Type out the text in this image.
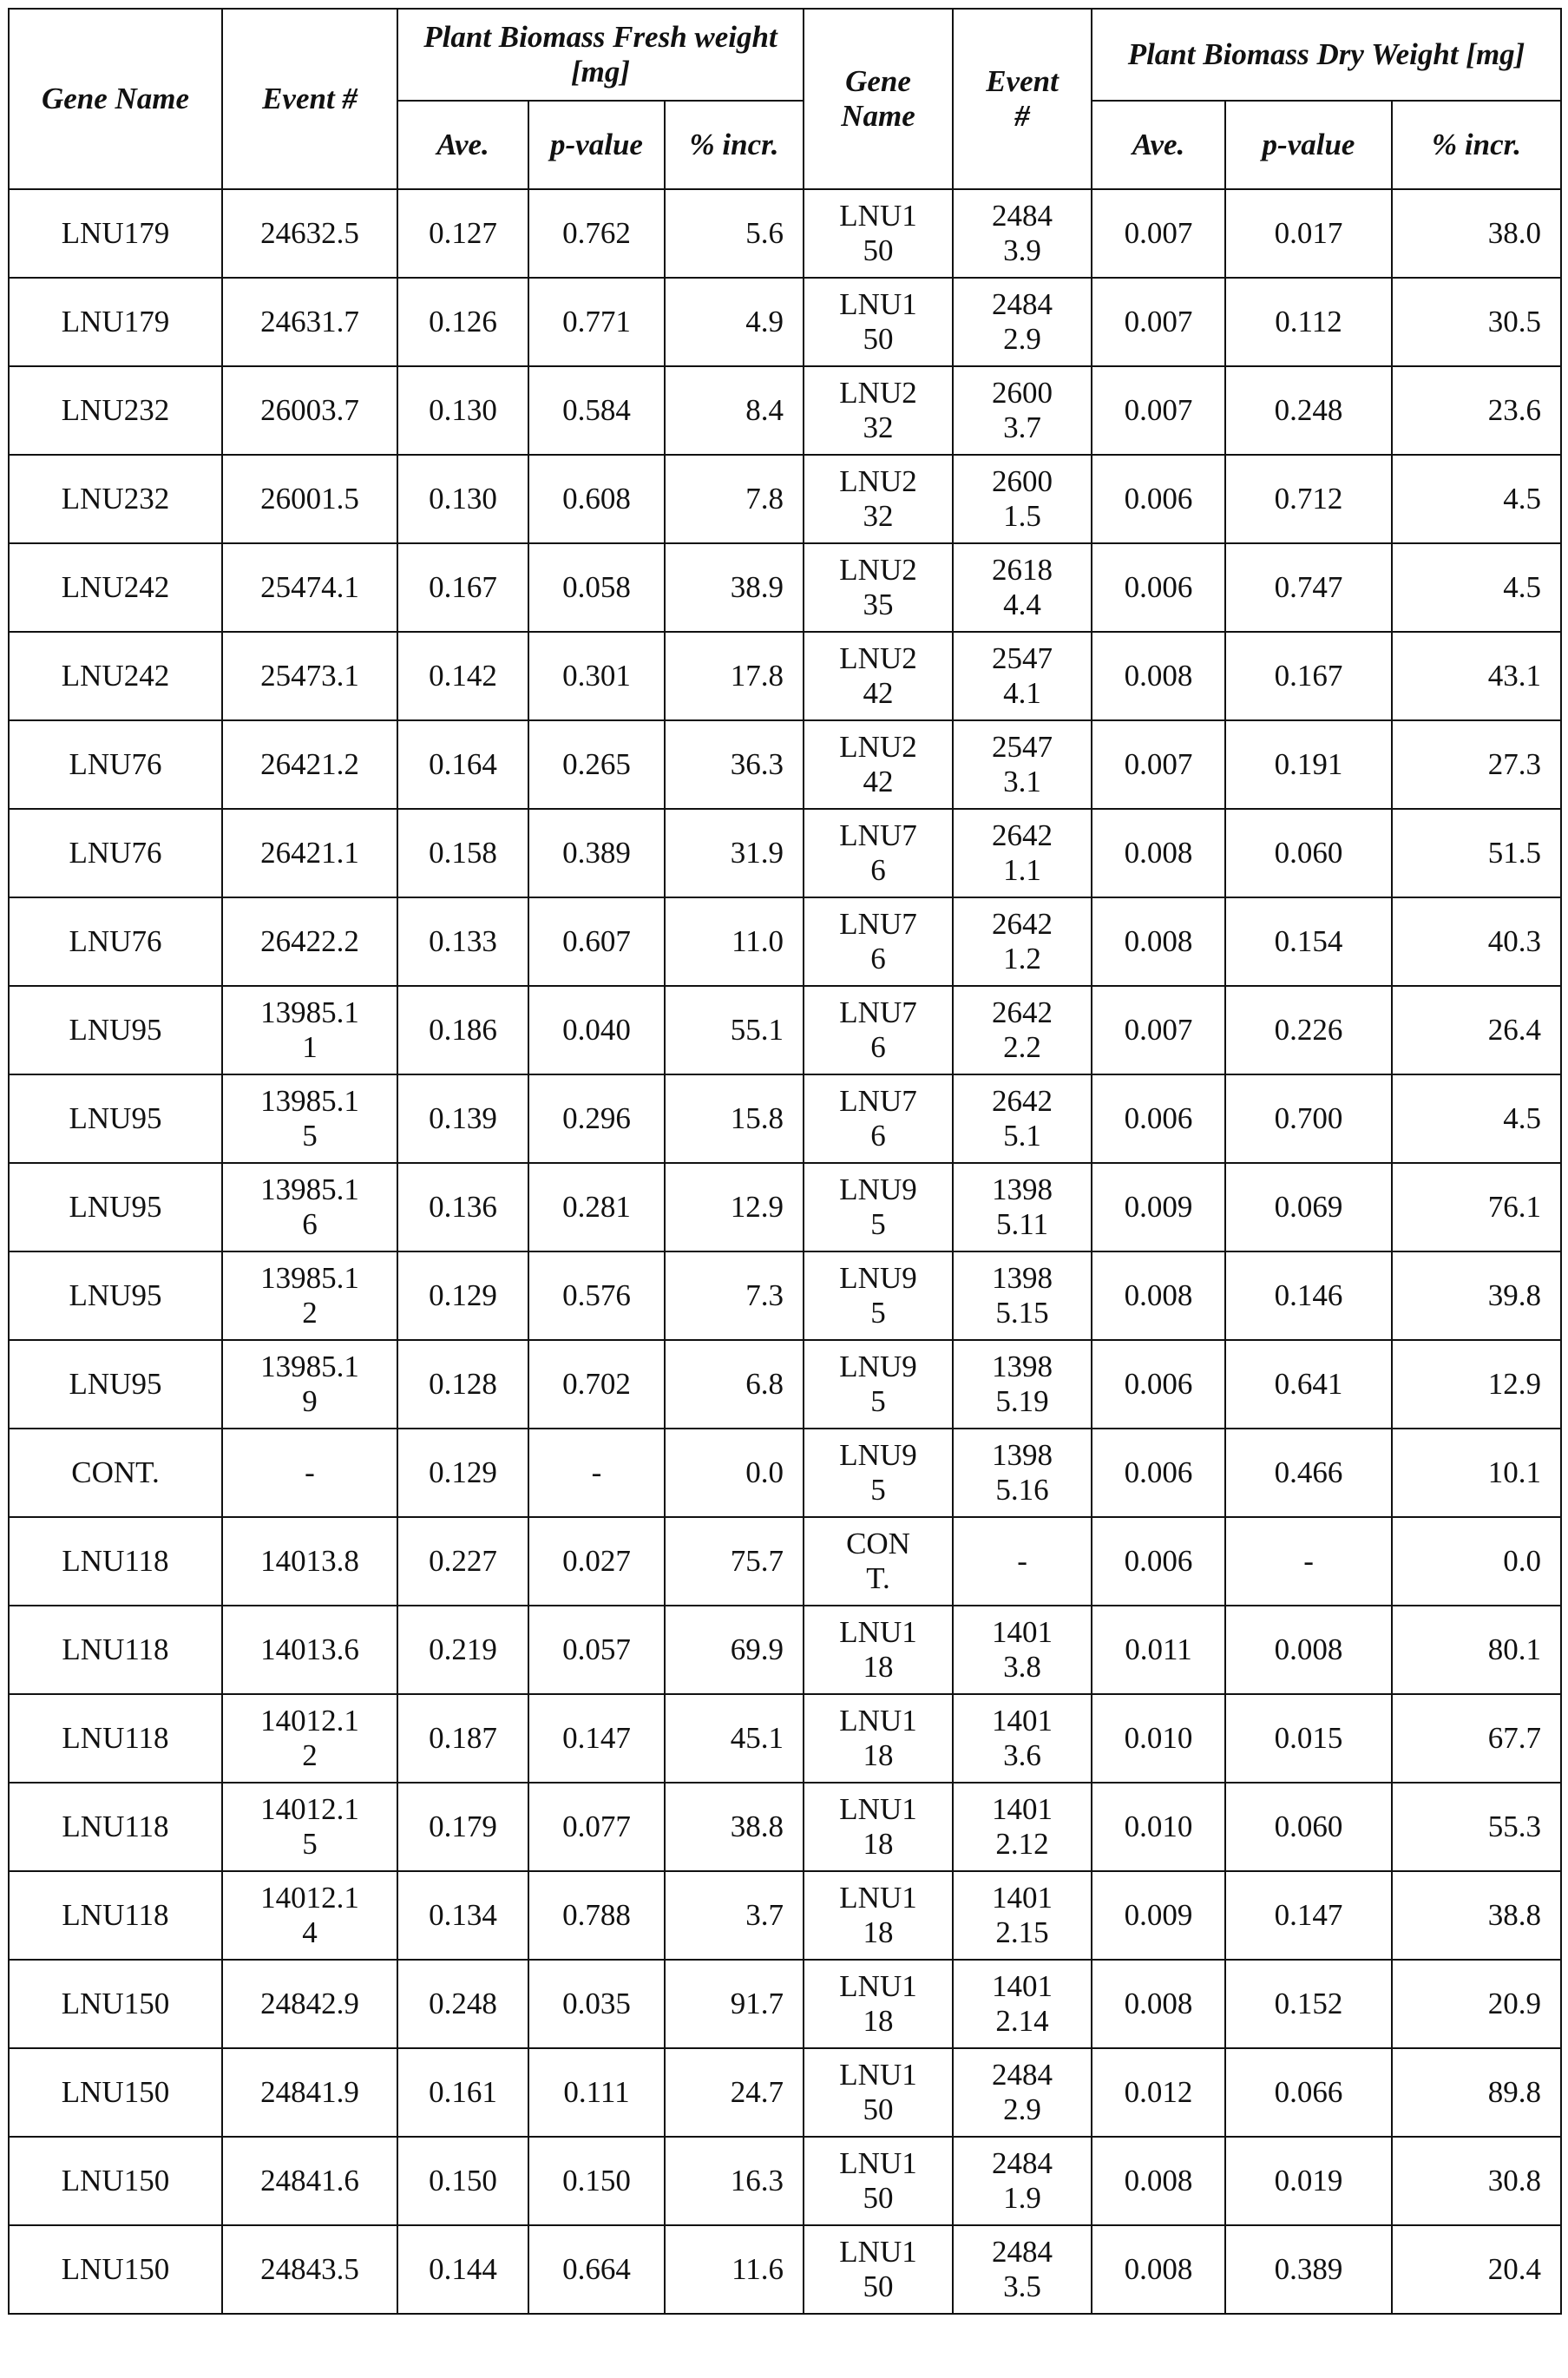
Gene Name	Event #	Plant Biomass Fresh weight [mg]	Gene Name	Event #	Plant Biomass Dry Weight [mg]
Ave.	p-value	% incr.	Ave.	p-value	% incr.
LNU179	24632.5	0.127	0.762	5.6	LNU150	24843.9	0.007	0.017	38.0
LNU179	24631.7	0.126	0.771	4.9	LNU150	24842.9	0.007	0.112	30.5
LNU232	26003.7	0.130	0.584	8.4	LNU232	26003.7	0.007	0.248	23.6
LNU232	26001.5	0.130	0.608	7.8	LNU232	26001.5	0.006	0.712	4.5
LNU242	25474.1	0.167	0.058	38.9	LNU235	26184.4	0.006	0.747	4.5
LNU242	25473.1	0.142	0.301	17.8	LNU242	25474.1	0.008	0.167	43.1
LNU76	26421.2	0.164	0.265	36.3	LNU242	25473.1	0.007	0.191	27.3
LNU76	26421.1	0.158	0.389	31.9	LNU76	26421.1	0.008	0.060	51.5
LNU76	26422.2	0.133	0.607	11.0	LNU76	26421.2	0.008	0.154	40.3
LNU95	13985.11	0.186	0.040	55.1	LNU76	26422.2	0.007	0.226	26.4
LNU95	13985.15	0.139	0.296	15.8	LNU76	26425.1	0.006	0.700	4.5
LNU95	13985.16	0.136	0.281	12.9	LNU95	13985.11	0.009	0.069	76.1
LNU95	13985.12	0.129	0.576	7.3	LNU95	13985.15	0.008	0.146	39.8
LNU95	13985.19	0.128	0.702	6.8	LNU95	13985.19	0.006	0.641	12.9
CONT.	-	0.129	-	0.0	LNU95	13985.16	0.006	0.466	10.1
LNU118	14013.8	0.227	0.027	75.7	CONT.	-	0.006	-	0.0
LNU118	14013.6	0.219	0.057	69.9	LNU118	14013.8	0.011	0.008	80.1
LNU118	14012.12	0.187	0.147	45.1	LNU118	14013.6	0.010	0.015	67.7
LNU118	14012.15	0.179	0.077	38.8	LNU118	14012.12	0.010	0.060	55.3
LNU118	14012.14	0.134	0.788	3.7	LNU118	14012.15	0.009	0.147	38.8
LNU150	24842.9	0.248	0.035	91.7	LNU118	14012.14	0.008	0.152	20.9
LNU150	24841.9	0.161	0.111	24.7	LNU150	24842.9	0.012	0.066	89.8
LNU150	24841.6	0.150	0.150	16.3	LNU150	24841.9	0.008	0.019	30.8
LNU150	24843.5	0.144	0.664	11.6	LNU150	24843.5	0.008	0.389	20.4
